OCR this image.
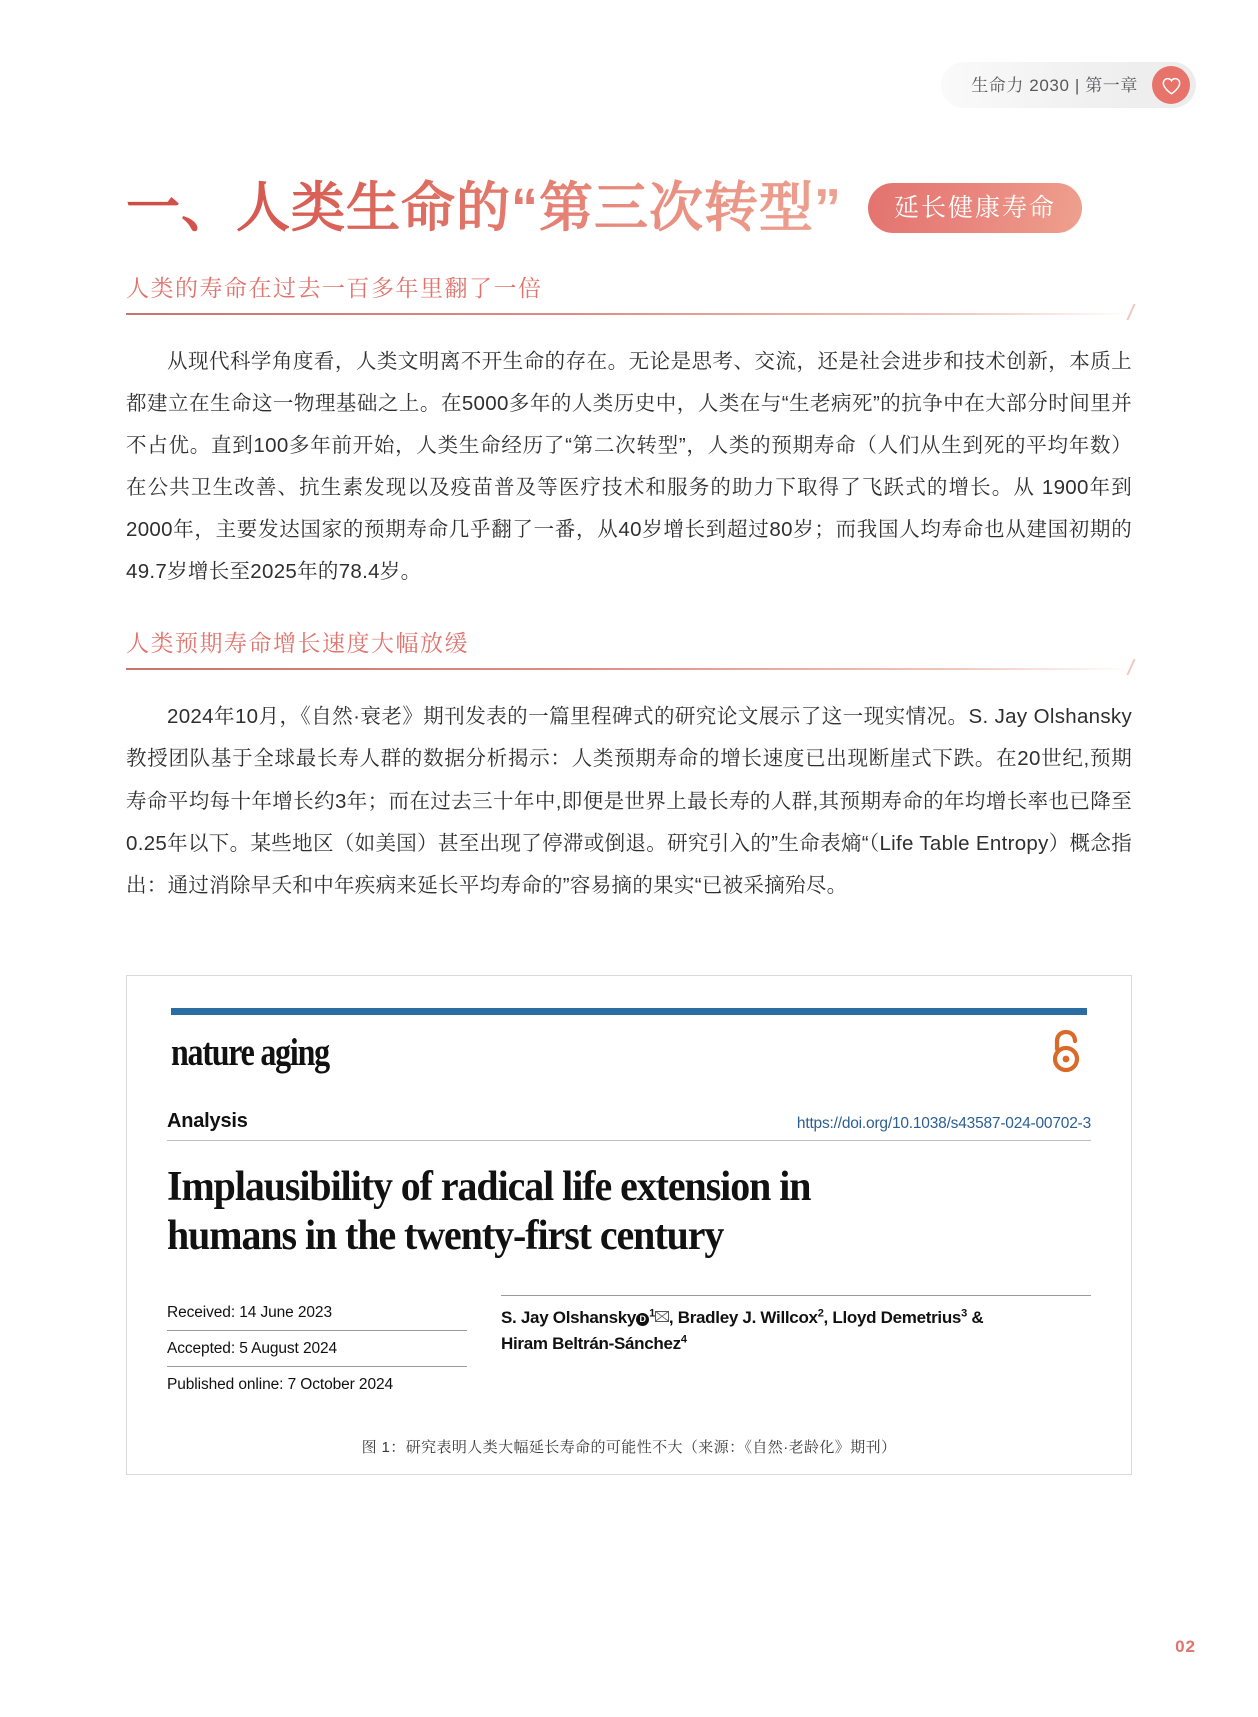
生命力 2030 | 第一章
一、人类生命的“第三次转型”	延长健康寿命
人类的寿命在过去一百多年里翻了一倍

从现代科学角度看，人类文明离不开生命的存在。无论是思考、交流，还是社会进步和技术创新，本质上都建立在生命这一物理基础之上。在5000多年的人类历史中，人类在与“生老病死”的抗争中在大部分时间里并不占优。直到100多年前开始，人类生命经历了“第二次转型”，人类的预期寿命（人们从生到死的平均年数）在公共卫生改善、抗生素发现以及疫苗普及等医疗技术和服务的助力下取得了飞跃式的增长。从 1900年到2000年，主要发达国家的预期寿命几乎翻了一番，从40岁增长到超过80岁；而我国人均寿命也从建国初期的49.7岁增长至2025年的78.4岁。

人类预期寿命增长速度大幅放缓

2024年10月，《自然·衰老》期刊发表的一篇里程碑式的研究论文展示了这一现实情况。S. Jay Olshansky 教授团队基于全球最长寿人群的数据分析揭示：人类预期寿命的增长速度已出现断崖式下跌。在20世纪,预期寿命平均每十年增长约3年；而在过去三十年中,即便是世界上最长寿的人群,其预期寿命的年均增长率也已降至0.25年以下。某些地区（如美国）甚至出现了停滞或倒退。研究引入的”生命表熵“（Life Table Entropy）概念指出：通过消除早夭和中年疾病来延长平均寿命的”容易摘的果实“已被采摘殆尽。

nature aging
Analysis	https://doi.org/10.1038/s43587-024-00702-3
Implausibility of radical life extension in
humans in the twenty-first century
Received: 14 June 2023
Accepted: 5 August 2024
Published online: 7 October 2024
S. Jay Olshansky D $^1$ , Bradley J. Willcox$^2$, Lloyd Demetrius$^3$ &
Hiram Beltrán-Sánchez$^4$
图 1：研究表明人类大幅延长寿命的可能性不大（来源：《自然·老龄化》期刊）
02
